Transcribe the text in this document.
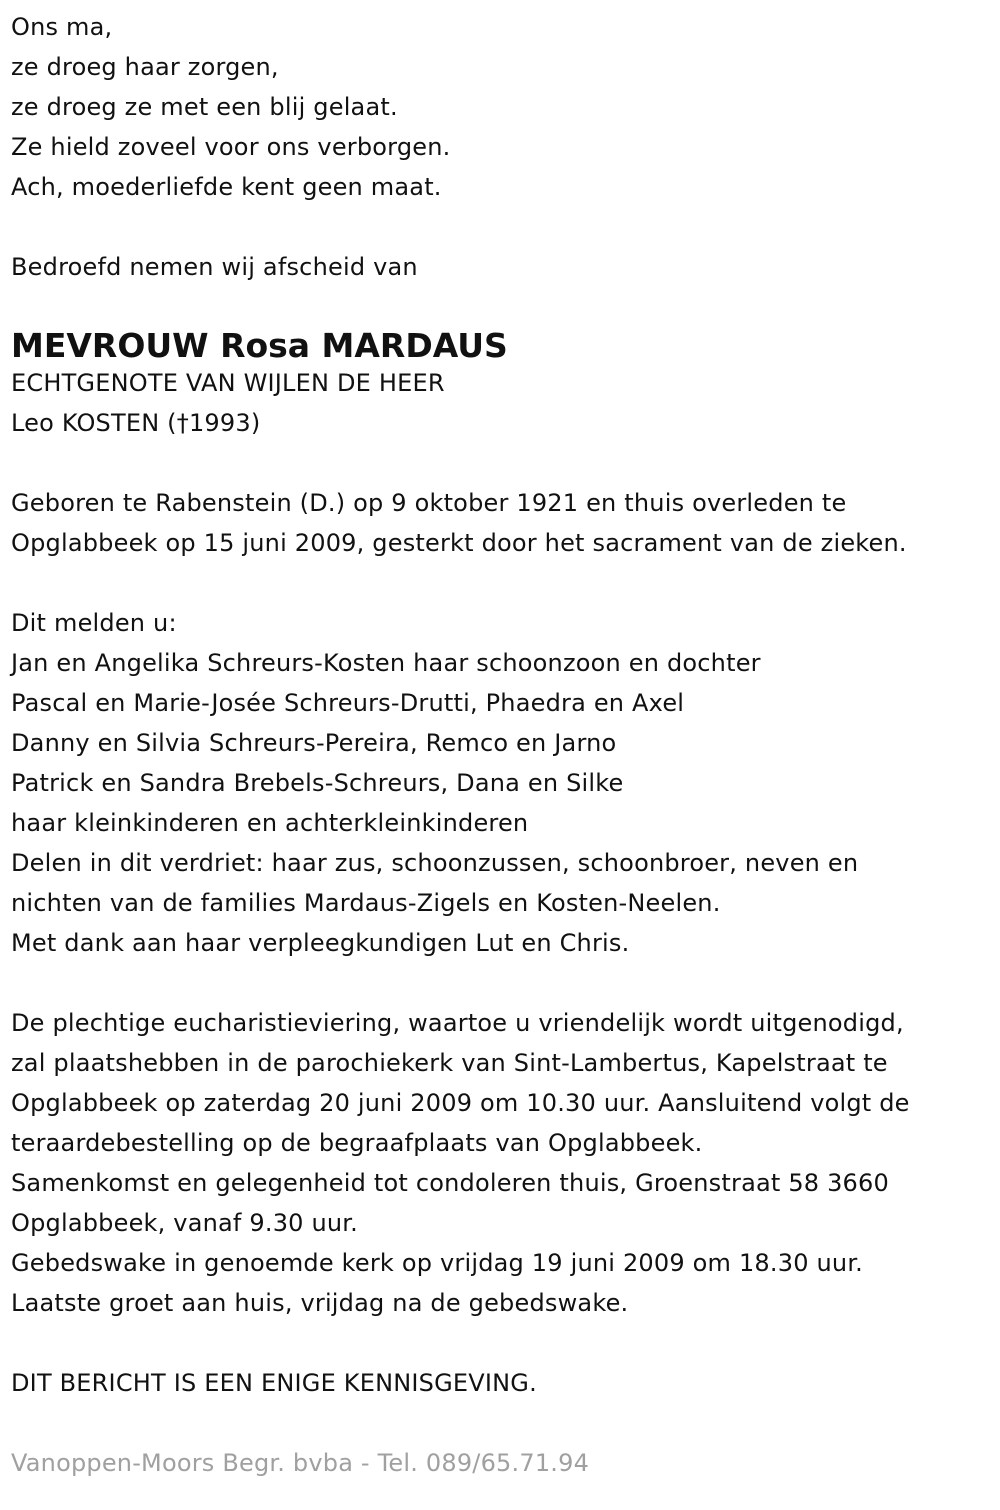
Ons ma,
ze droeg haar zorgen,
ze droeg ze met een blij gelaat.
Ze hield zoveel voor ons verborgen.
Ach, moederliefde kent geen maat.
Bedroefd nemen wij afscheid van
MEVROUW Rosa MARDAUS
ECHTGENOTE VAN WIJLEN DE HEER
Leo KOSTEN (†1993)
Geboren te Rabenstein (D.) op 9 oktober 1921 en thuis overleden te
Opglabbeek op 15 juni 2009, gesterkt door het sacrament van de zieken.
Dit melden u:
Jan en Angelika Schreurs-Kosten haar schoonzoon en dochter
Pascal en Marie-Josée Schreurs-Drutti, Phaedra en Axel
Danny en Silvia Schreurs-Pereira, Remco en Jarno
Patrick en Sandra Brebels-Schreurs, Dana en Silke
haar kleinkinderen en achterkleinkinderen
Delen in dit verdriet: haar zus, schoonzussen, schoonbroer, neven en
nichten van de families Mardaus-Zigels en Kosten-Neelen.
Met dank aan haar verpleegkundigen Lut en Chris.
De plechtige eucharistieviering, waartoe u vriendelijk wordt uitgenodigd,
zal plaatshebben in de parochiekerk van Sint-Lambertus, Kapelstraat te
Opglabbeek op zaterdag 20 juni 2009 om 10.30 uur. Aansluitend volgt de
teraardebestelling op de begraafplaats van Opglabbeek.
Samenkomst en gelegenheid tot condoleren thuis, Groenstraat 58 3660
Opglabbeek, vanaf 9.30 uur.
Gebedswake in genoemde kerk op vrijdag 19 juni 2009 om 18.30 uur.
Laatste groet aan huis, vrijdag na de gebedswake.
DIT BERICHT IS EEN ENIGE KENNISGEVING.
Vanoppen-Moors Begr. bvba - Tel. 089/65.71.94
